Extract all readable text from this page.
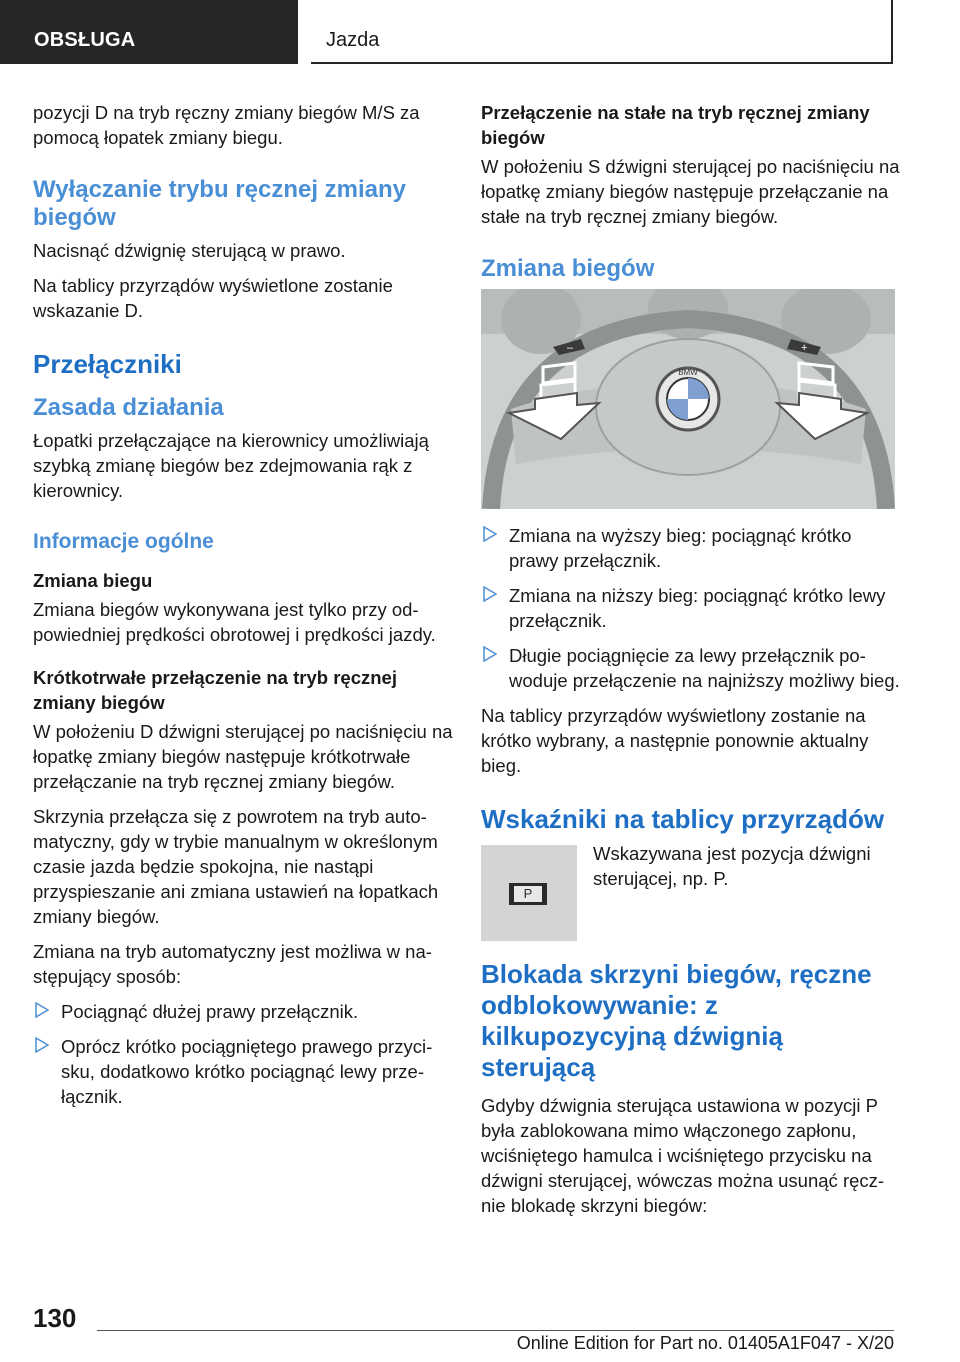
OBSŁUGA	Jazda

pozycji D na tryb ręczny zmiany biegów M/S za pomocą łopatek zmiany biegu.

Wyłączanie trybu ręcznej zmiany biegów

Nacisnąć dźwignię sterującą w prawo.

Na tablicy przyrządów wyświetlone zostanie wskazanie D.

Przełączniki
Zasada działania

Łopatki przełączające na kierownicy umożliwiają szybką zmianę biegów bez zdejmowania rąk z kierownicy.

Informacje ogólne

Zmiana biegu

Zmiana biegów wykonywana jest tylko przy odpowiedniej prędkości obrotowej i prędkości jazdy.

Krótkotrwałe przełączenie na tryb ręcznej zmiany biegów

W położeniu D dźwigni sterującej po naciśnięciu na łopatkę zmiany biegów następuje krótkotrwałe przełączanie na tryb ręcznej zmiany biegów.

Skrzynia przełącza się z powrotem na tryb automatyczny, gdy w trybie manualnym w określonym czasie jazda będzie spokojna, nie nastąpi przyspieszanie ani zmiana ustawień na łopatkach zmiany biegów.

Zmiana na tryb automatyczny jest możliwa w następujący sposób:

Pociągnąć dłużej prawy przełącznik.
Oprócz krótko pociągniętego prawego przycisku, dodatkowo krótko pociągnąć lewy przełącznik.

Przełączenie na stałe na tryb ręcznej zmiany biegów

W położeniu S dźwigni sterującej po naciśnięciu na łopatkę zmiany biegów następuje przełączanie na stałe na tryb ręcznej zmiany biegów.

Zmiana biegów
BMW
–	+
Zmiana na wyższy bieg: pociągnąć krótko prawy przełącznik.
Zmiana na niższy bieg: pociągnąć krótko lewy przełącznik.
Długie pociągnięcie za lewy przełącznik powoduje przełączenie na najniższy możliwy bieg.

Na tablicy przyrządów wyświetlony zostanie na krótko wybrany, a następnie ponownie aktualny bieg.

Wskaźniki na tablicy przyrządów
P

Wskazywana jest pozycja dźwigni sterującej, np. P.

Blokada skrzyni biegów, ręczne odblokowywanie: z kilkupozycyjną dźwignią sterującą

Gdyby dźwignia sterująca ustawiona w pozycji P była zablokowana mimo włączonego zapłonu, wciśniętego hamulca i wciśniętego przycisku na dźwigni sterującej, wówczas można usunąć ręcznie blokadę skrzyni biegów:

130
Online Edition for Part no. 01405A1F047 - X/20
